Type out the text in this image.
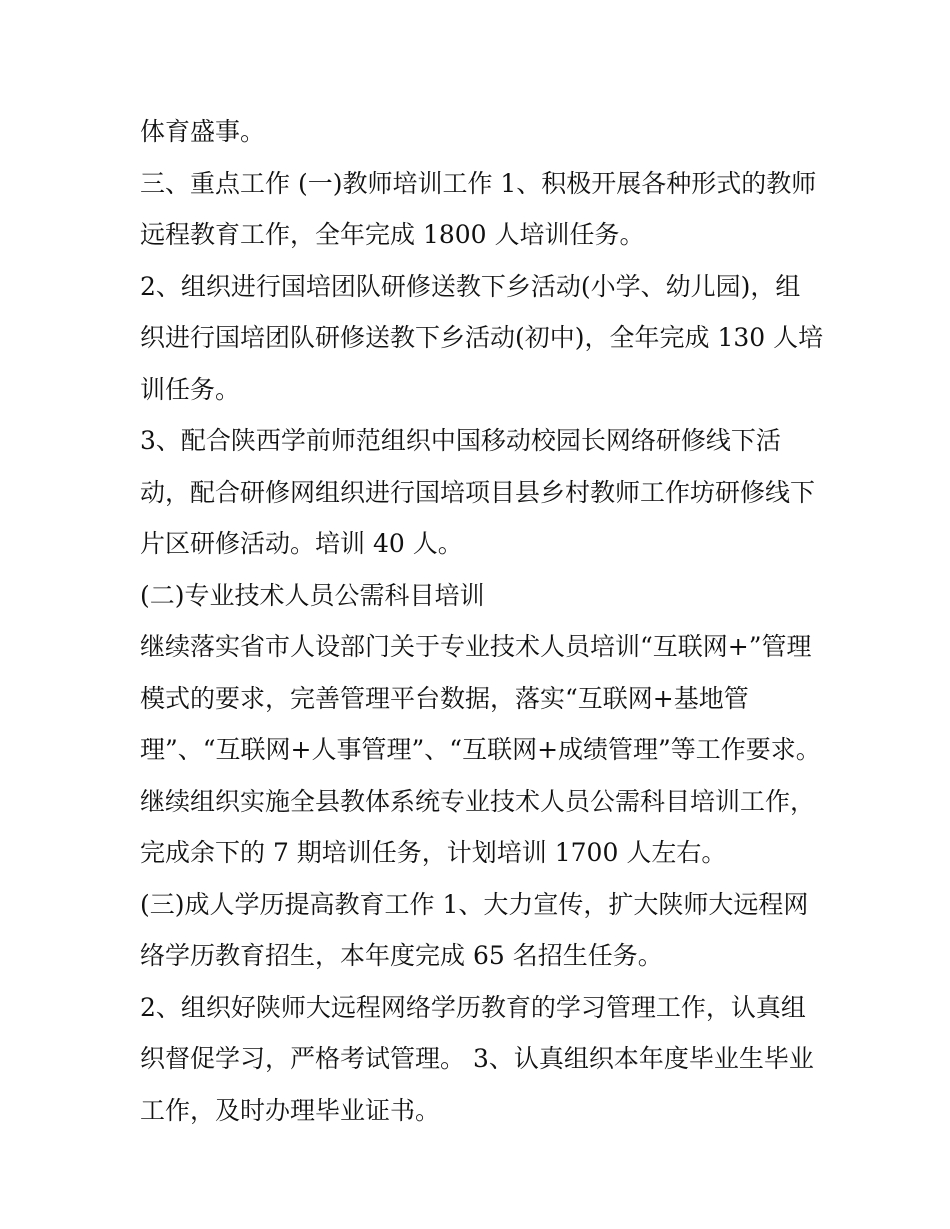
体育盛事。
三、重点工作 (一)教师培训工作 1、积极开展各种形式的教师
远程教育工作，全年完成 1800 人培训任务。
2、组织进行国培团队研修送教下乡活动(小学、幼儿园)，组
织进行国培团队研修送教下乡活动(初中)，全年完成 130 人培
训任务。
3、配合陕西学前师范组织中国移动校园长网络研修线下活
动，配合研修网组织进行国培项目县乡村教师工作坊研修线下
片区研修活动。培训 40 人。
(二)专业技术人员公需科目培训
继续落实省市人设部门关于专业技术人员培训“互联网+”管理
模式的要求，完善管理平台数据，落实“互联网+基地管
理”、“互联网+人事管理”、“互联网+成绩管理”等工作要求。
继续组织实施全县教体系统专业技术人员公需科目培训工作，
完成余下的 7 期培训任务，计划培训 1700 人左右。
(三)成人学历提高教育工作 1、大力宣传，扩大陕师大远程网
络学历教育招生，本年度完成 65 名招生任务。
2、组织好陕师大远程网络学历教育的学习管理工作，认真组
织督促学习，严格考试管理。 3、认真组织本年度毕业生毕业
工作，及时办理毕业证书。
